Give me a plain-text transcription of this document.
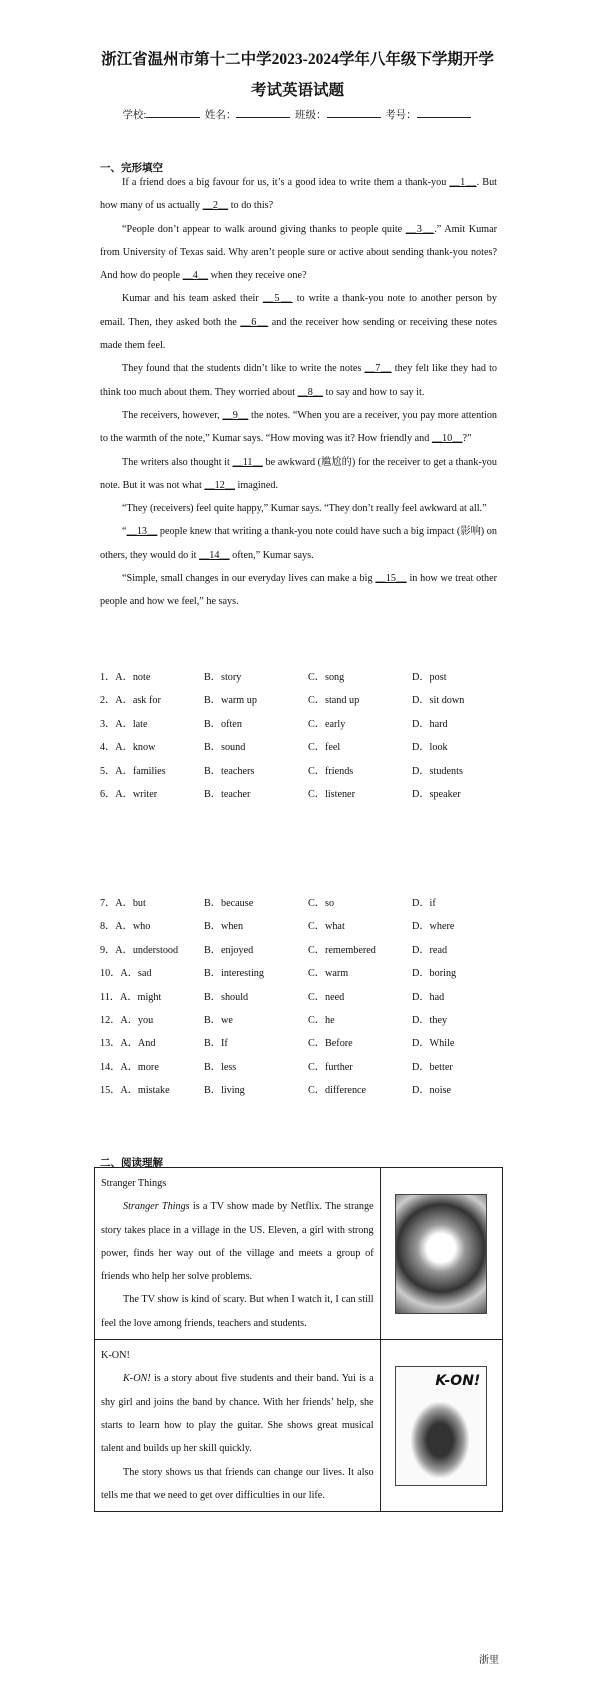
浙江省温州市第十二中学2023-2024学年八年级下学期开学
考试英语试题
学校:	姓名：	班级：	考号：
一、完形填空

If a friend does a big favour for us, it’s a good idea to write them a thank-you ＿1＿. But how many of us actually ＿2＿ to do this?

“People don’t appear to walk around giving thanks to people quite ＿3＿.” Amit Kumar from University of Texas said. Why aren’t people sure or active about sending thank-you notes? And how do people ＿4＿ when they receive one?

Kumar and his team asked their ＿5＿ to write a thank-you note to another person by email. Then, they asked both the ＿6＿ and the receiver how sending or receiving these notes made them feel.

They found that the students didn’t like to write the notes ＿7＿ they felt like they had to think too much about them. They worried about ＿8＿ to say and how to say it.

The receivers, however, ＿9＿ the notes. “When you are a receiver, you pay more attention to the warmth of the note,” Kumar says. “How moving was it? How friendly and ＿10＿?”

The writers also thought it ＿11＿ be awkward (尴尬的) for the receiver to get a thank-you note. But it was not what ＿12＿ imagined.

“They (receivers) feel quite happy,” Kumar says. “They don’t really feel awkward at all.”

“＿13＿ people knew that writing a thank-you note could have such a big impact (影响) on others, they would do it ＿14＿ often,” Kumar says.

“Simple, small changes in our everyday lives can make a big ＿15＿ in how we treat other people and how we feel,” he says.

1．A．note	B．story	C．song	D．post
2．A．ask for	B．warm up	C．stand up	D．sit down
3．A．late	B．often	C．early	D．hard
4．A．know	B．sound	C．feel	D．look
5．A．families	B．teachers	C．friends	D．students
6．A．writer	B．teacher	C．listener	D．speaker
7．A．but	B．because	C．so	D．if
8．A．who	B．when	C．what	D．where
9．A．understood	B．enjoyed	C．remembered	D．read
10．A．sad	B．interesting	C．warm	D．boring
11．A．might	B．should	C．need	D．had
12．A．you	B．we	C．he	D．they
13．A．And	B．If	C．Before	D．While
14．A．more	B．less	C．further	D．better
15．A．mistake	B．living	C．difference	D．noise
二、阅读理解

Stranger Things

Stranger Things is a TV show made by Netflix. The strange story takes place in a village in the US. Eleven, a girl with strong power, finds her way out of the village and meets a group of friends who help her solve problems.

The TV show is kind of scary. But when I watch it, I can still feel the love among friends, teachers and students.	

K-ON!

K-ON! is a story about five students and their band. Yui is a shy girl and joins the band by chance. With her friends’ help, she starts to learn how to play the guitar. She shows great musical talent and builds up her skill quickly.

The story shows us that friends can change our lives. It also tells me that we need to get over difficulties in our life.	K-ON!
浙里
